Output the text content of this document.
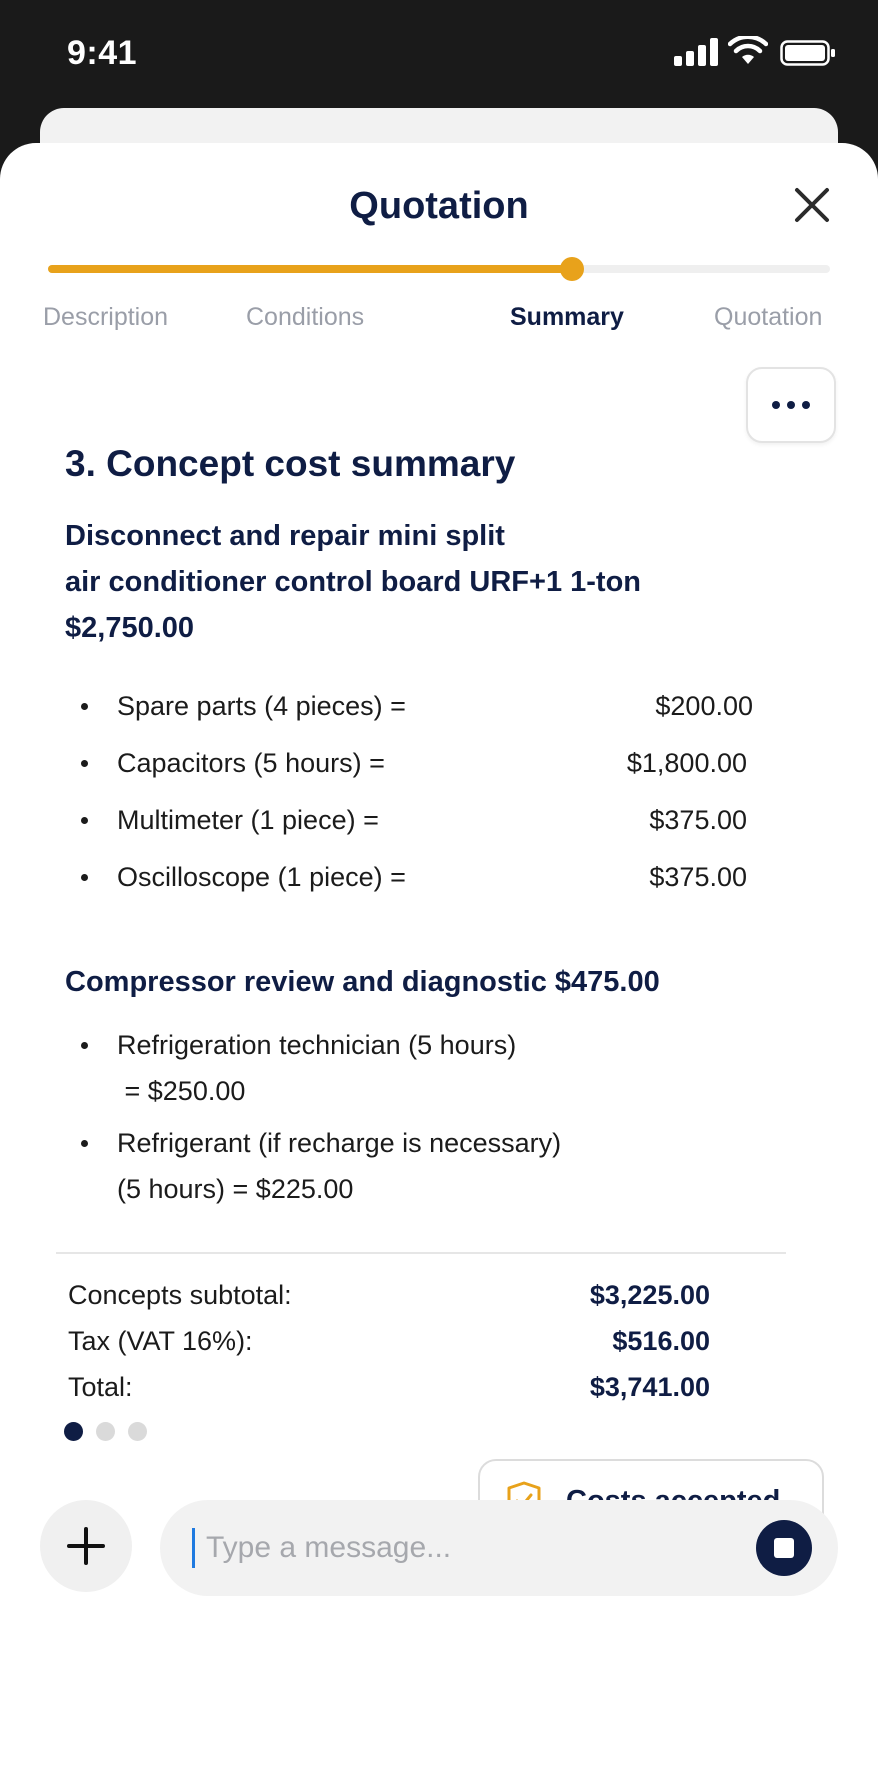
9:41
Quotation
Description	Conditions	Summary	Quotation
3. Concept cost summary
Disconnect and repair mini split
air conditioner control board URF+1 1-ton
$2,750.00
Spare parts (4 pieces) =	$200.00
Capacitors (5 hours) =	$1,800.00
Multimeter (1 piece) =	$375.00
Oscilloscope (1 piece) =	$375.00
Compressor review and diagnostic $475.00
Refrigeration technician (5 hours)
= $250.00
Refrigerant (if recharge is necessary)
(5 hours) = $225.00
Concepts subtotal:	$3,225.00
Tax (VAT 16%):	$516.00
Total:	$3,741.00
Type a message...
